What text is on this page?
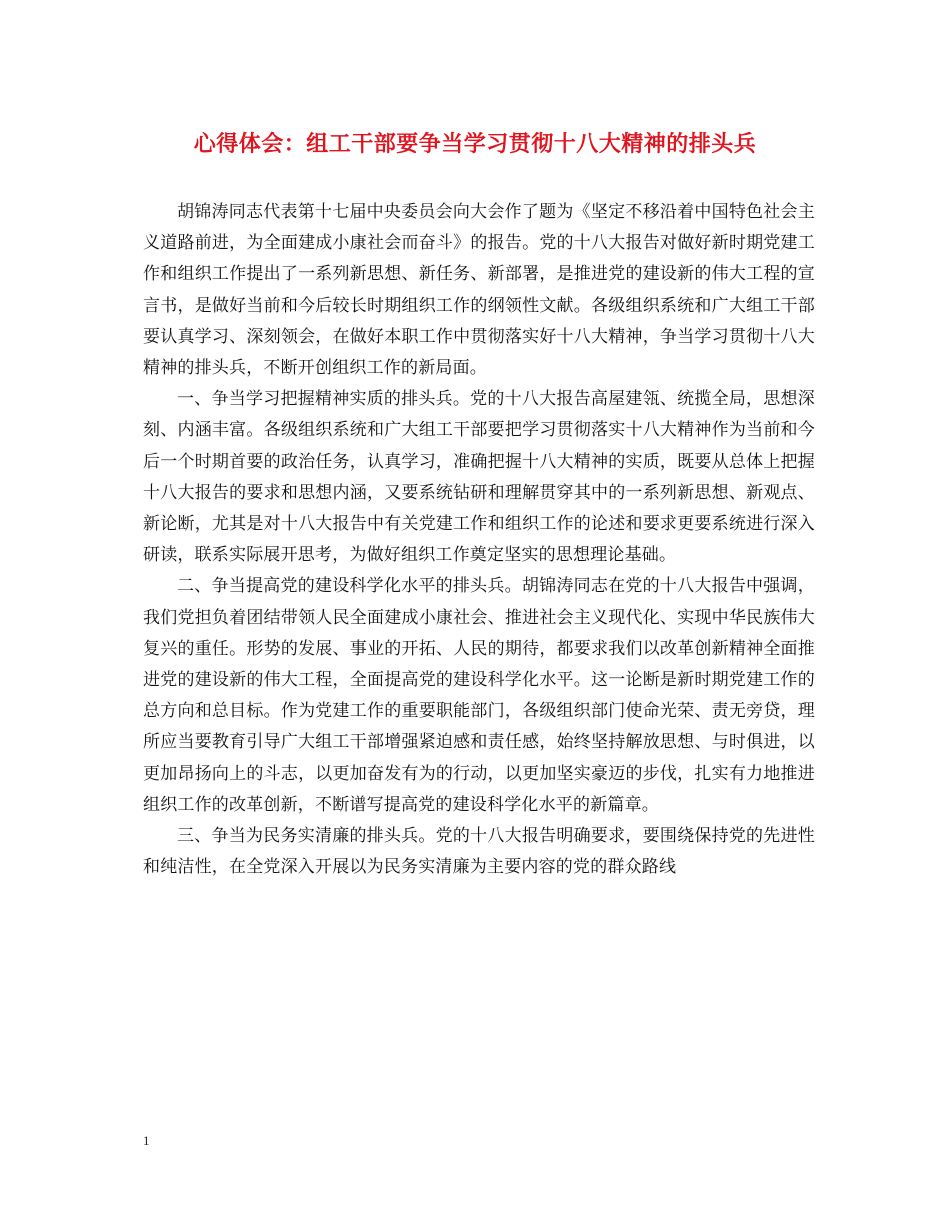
心得体会：组工干部要争当学习贯彻十八大精神的排头兵

胡锦涛同志代表第十七届中央委员会向大会作了题为《坚定不移沿着中国特色社会主义道路前进，为全面建成小康社会而奋斗》的报告。党的十八大报告对做好新时期党建工作和组织工作提出了一系列新思想、新任务、新部署，是推进党的建设新的伟大工程的宣言书，是做好当前和今后较长时期组织工作的纲领性文献。各级组织系统和广大组工干部要认真学习、深刻领会，在做好本职工作中贯彻落实好十八大精神，争当学习贯彻十八大精神的排头兵，不断开创组织工作的新局面。

一、争当学习把握精神实质的排头兵。党的十八大报告高屋建瓴、统揽全局，思想深刻、内涵丰富。各级组织系统和广大组工干部要把学习贯彻落实十八大精神作为当前和今后一个时期首要的政治任务，认真学习，准确把握十八大精神的实质，既要从总体上把握十八大报告的要求和思想内涵，又要系统钻研和理解贯穿其中的一系列新思想、新观点、新论断，尤其是对十八大报告中有关党建工作和组织工作的论述和要求更要系统进行深入研读，联系实际展开思考，为做好组织工作奠定坚实的思想理论基础。

二、争当提高党的建设科学化水平的排头兵。胡锦涛同志在党的十八大报告中强调，我们党担负着团结带领人民全面建成小康社会、推进社会主义现代化、实现中华民族伟大复兴的重任。形势的发展、事业的开拓、人民的期待，都要求我们以改革创新精神全面推进党的建设新的伟大工程，全面提高党的建设科学化水平。这一论断是新时期党建工作的总方向和总目标。作为党建工作的重要职能部门，各级组织部门使命光荣、责无旁贷，理所应当要教育引导广大组工干部增强紧迫感和责任感，始终坚持解放思想、与时俱进，以更加昂扬向上的斗志，以更加奋发有为的行动，以更加坚实豪迈的步伐，扎实有力地推进组织工作的改革创新，不断谱写提高党的建设科学化水平的新篇章。

三、争当为民务实清廉的排头兵。党的十八大报告明确要求，要围绕保持党的先进性和纯洁性，在全党深入开展以为民务实清廉为主要内容的党的群众路线

1
